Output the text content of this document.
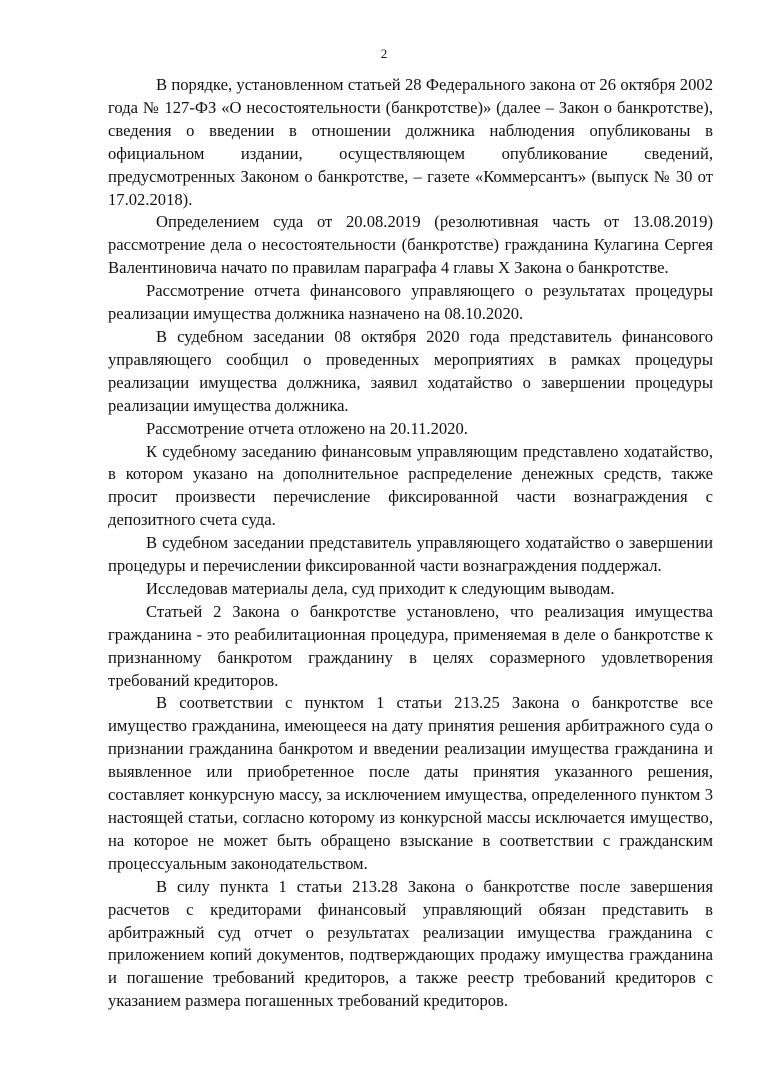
2

В порядке, установленном статьей 28 Федерального закона от 26 октября 2002 года № 127-ФЗ «О несостоятельности (банкротстве)» (далее – Закон о банкротстве), сведения о введении в отношении должника наблюдения опубликованы в официальном издании, осуществляющем опубликование сведений, предусмотренных Законом о банкротстве, – газете «Коммерсантъ» (выпуск № 30 от 17.02.2018).

Определением суда от 20.08.2019 (резолютивная часть от 13.08.2019) рассмотрение дела о несостоятельности (банкротстве) гражданина Кулагина Сергея Валентиновича начато по правилам параграфа 4 главы X Закона о банкротстве.

Рассмотрение отчета финансового управляющего о результатах процедуры реализации имущества должника назначено на 08.10.2020.

В судебном заседании 08 октября 2020 года представитель финансового управляющего сообщил о проведенных мероприятиях в рамках процедуры реализации имущества должника, заявил ходатайство о завершении процедуры реализации имущества должника.

Рассмотрение отчета отложено на 20.11.2020.

К судебному заседанию финансовым управляющим представлено ходатайство, в котором указано на дополнительное распределение денежных средств, также просит произвести перечисление фиксированной части вознаграждения с депозитного счета суда.

В судебном заседании представитель управляющего ходатайство о завершении процедуры и перечислении фиксированной части вознаграждения поддержал.

Исследовав материалы дела, суд приходит к следующим выводам.

Статьей 2 Закона о банкротстве установлено, что реализация имущества гражданина - это реабилитационная процедура, применяемая в деле о банкротстве к признанному банкротом гражданину в целях соразмерного удовлетворения требований кредиторов.

В соответствии с пунктом 1 статьи 213.25 Закона о банкротстве все имущество гражданина, имеющееся на дату принятия решения арбитражного суда о признании гражданина банкротом и введении реализации имущества гражданина и выявленное или приобретенное после даты принятия указанного решения, составляет конкурсную массу, за исключением имущества, определенного пунктом 3 настоящей статьи, согласно которому из конкурсной массы исключается имущество, на которое не может быть обращено взыскание в соответствии с гражданским процессуальным законодательством.

В силу пункта 1 статьи 213.28 Закона о банкротстве после завершения расчетов с кредиторами финансовый управляющий обязан представить в арбитражный суд отчет о результатах реализации имущества гражданина с приложением копий документов, подтверждающих продажу имущества гражданина и погашение требований кредиторов, а также реестр требований кредиторов с указанием размера погашенных требований кредиторов.
